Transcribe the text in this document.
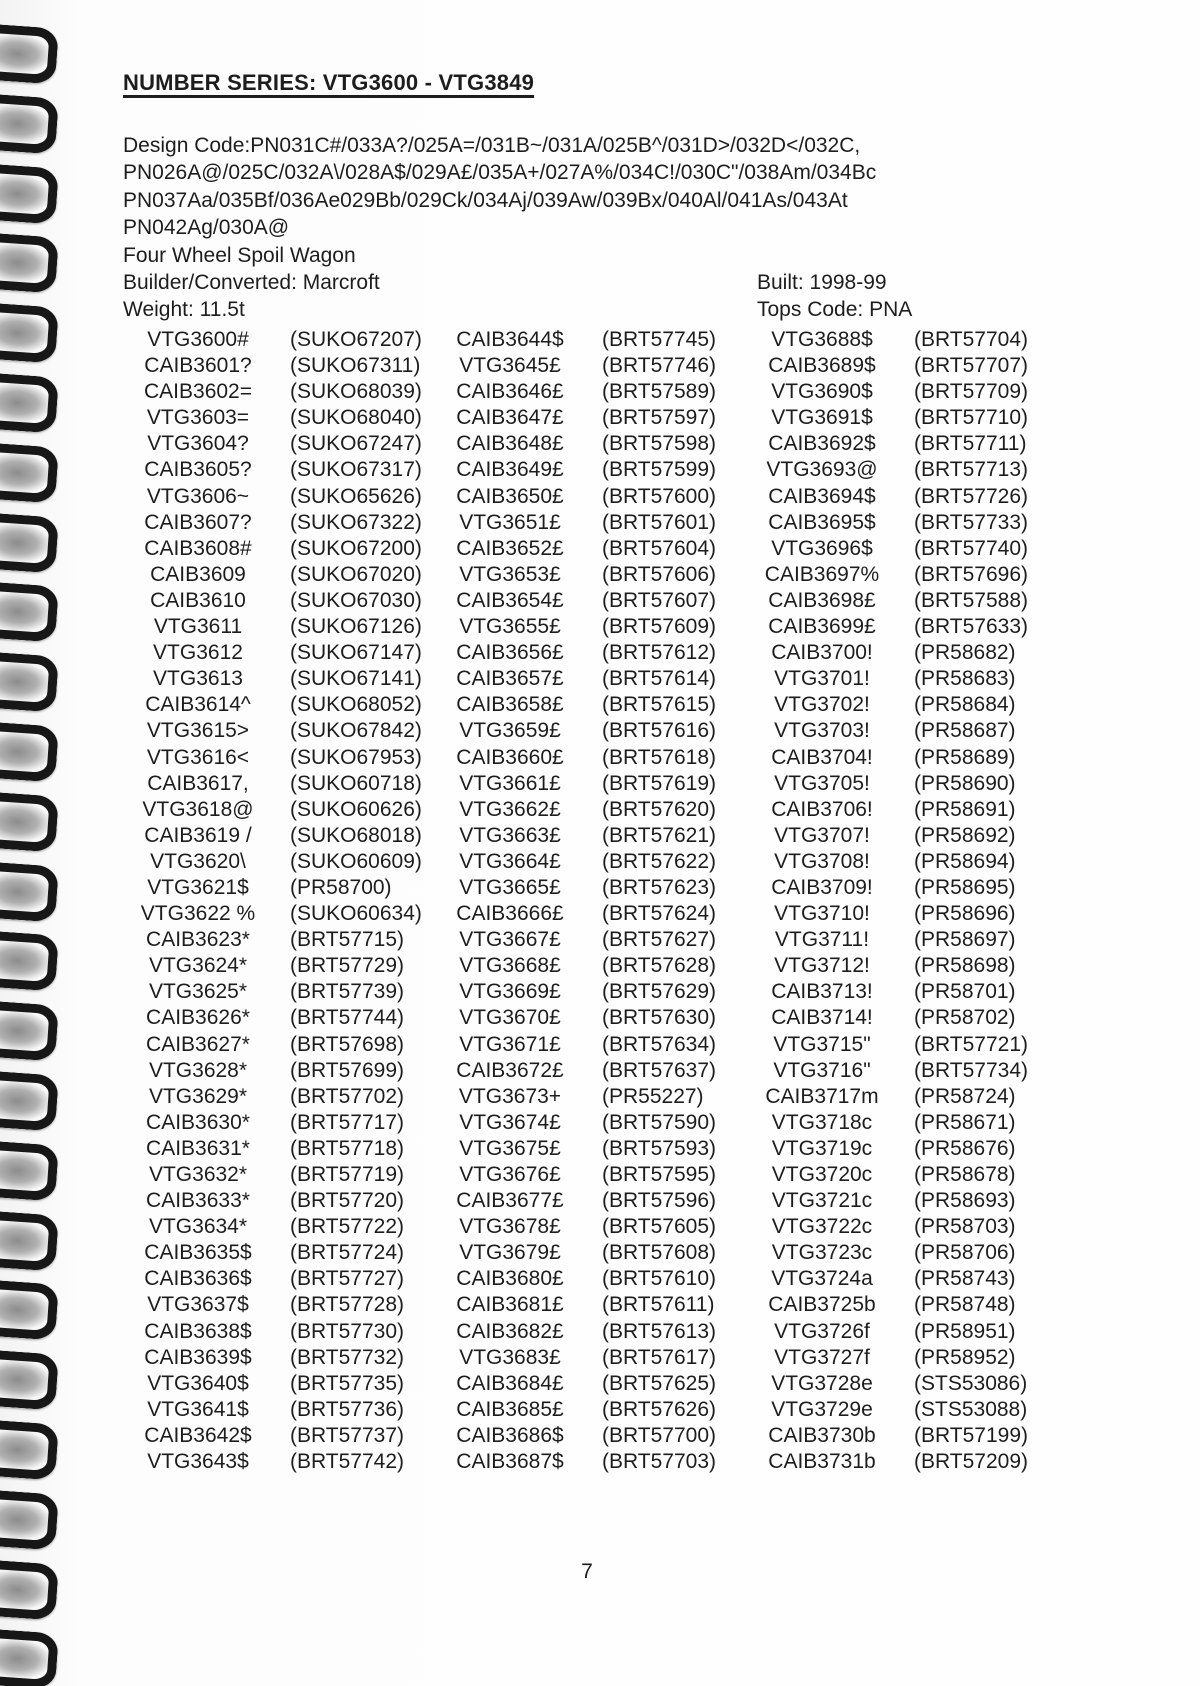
NUMBER SERIES: VTG3600 - VTG3849
Design Code:PN031C#/033A?/025A=/031B~/031A/025B^/031D>/032D</032C,
PN026A@/025C/032A\/028A$/029A£/035A+/027A%/034C!/030C"/038Am/034Bc
PN037Aa/035Bf/036Ae029Bb/029Ck/034Aj/039Aw/039Bx/040Al/041As/043At
PN042Ag/030A@
Four Wheel Spoil Wagon
Builder/Converted: Marcroft	Built: 1998-99
Weight: 11.5t	Tops Code: PNA
VTG3600#	(SUKO67207)
CAIB3601?	(SUKO67311)
CAIB3602=	(SUKO68039)
VTG3603=	(SUKO68040)
VTG3604?	(SUKO67247)
CAIB3605?	(SUKO67317)
VTG3606~	(SUKO65626)
CAIB3607?	(SUKO67322)
CAIB3608#	(SUKO67200)
CAIB3609	(SUKO67020)
CAIB3610	(SUKO67030)
VTG3611	(SUKO67126)
VTG3612	(SUKO67147)
VTG3613	(SUKO67141)
CAIB3614^	(SUKO68052)
VTG3615>	(SUKO67842)
VTG3616<	(SUKO67953)
CAIB3617,	(SUKO60718)
VTG3618@	(SUKO60626)
CAIB3619 /	(SUKO68018)
VTG3620\	(SUKO60609)
VTG3621$	(PR58700)
VTG3622 %	(SUKO60634)
CAIB3623*	(BRT57715)
VTG3624*	(BRT57729)
VTG3625*	(BRT57739)
CAIB3626*	(BRT57744)
CAIB3627*	(BRT57698)
VTG3628*	(BRT57699)
VTG3629*	(BRT57702)
CAIB3630*	(BRT57717)
CAIB3631*	(BRT57718)
VTG3632*	(BRT57719)
CAIB3633*	(BRT57720)
VTG3634*	(BRT57722)
CAIB3635$	(BRT57724)
CAIB3636$	(BRT57727)
VTG3637$	(BRT57728)
CAIB3638$	(BRT57730)
CAIB3639$	(BRT57732)
VTG3640$	(BRT57735)
VTG3641$	(BRT57736)
CAIB3642$	(BRT57737)
VTG3643$	(BRT57742)
CAIB3644$	(BRT57745)
VTG3645£	(BRT57746)
CAIB3646£	(BRT57589)
CAIB3647£	(BRT57597)
CAIB3648£	(BRT57598)
CAIB3649£	(BRT57599)
CAIB3650£	(BRT57600)
VTG3651£	(BRT57601)
CAIB3652£	(BRT57604)
VTG3653£	(BRT57606)
CAIB3654£	(BRT57607)
VTG3655£	(BRT57609)
CAIB3656£	(BRT57612)
CAIB3657£	(BRT57614)
CAIB3658£	(BRT57615)
VTG3659£	(BRT57616)
CAIB3660£	(BRT57618)
VTG3661£	(BRT57619)
VTG3662£	(BRT57620)
VTG3663£	(BRT57621)
VTG3664£	(BRT57622)
VTG3665£	(BRT57623)
CAIB3666£	(BRT57624)
VTG3667£	(BRT57627)
VTG3668£	(BRT57628)
VTG3669£	(BRT57629)
VTG3670£	(BRT57630)
VTG3671£	(BRT57634)
CAIB3672£	(BRT57637)
VTG3673+	(PR55227)
VTG3674£	(BRT57590)
VTG3675£	(BRT57593)
VTG3676£	(BRT57595)
CAIB3677£	(BRT57596)
VTG3678£	(BRT57605)
VTG3679£	(BRT57608)
CAIB3680£	(BRT57610)
CAIB3681£	(BRT57611)
CAIB3682£	(BRT57613)
VTG3683£	(BRT57617)
CAIB3684£	(BRT57625)
CAIB3685£	(BRT57626)
CAIB3686$	(BRT57700)
CAIB3687$	(BRT57703)
VTG3688$	(BRT57704)
CAIB3689$	(BRT57707)
VTG3690$	(BRT57709)
VTG3691$	(BRT57710)
CAIB3692$	(BRT57711)
VTG3693@	(BRT57713)
CAIB3694$	(BRT57726)
CAIB3695$	(BRT57733)
VTG3696$	(BRT57740)
CAIB3697%	(BRT57696)
CAIB3698£	(BRT57588)
CAIB3699£	(BRT57633)
CAIB3700!	(PR58682)
VTG3701!	(PR58683)
VTG3702!	(PR58684)
VTG3703!	(PR58687)
CAIB3704!	(PR58689)
VTG3705!	(PR58690)
CAIB3706!	(PR58691)
VTG3707!	(PR58692)
VTG3708!	(PR58694)
CAIB3709!	(PR58695)
VTG3710!	(PR58696)
VTG3711!	(PR58697)
VTG3712!	(PR58698)
CAIB3713!	(PR58701)
CAIB3714!	(PR58702)
VTG3715"	(BRT57721)
VTG3716"	(BRT57734)
CAIB3717m	(PR58724)
VTG3718c	(PR58671)
VTG3719c	(PR58676)
VTG3720c	(PR58678)
VTG3721c	(PR58693)
VTG3722c	(PR58703)
VTG3723c	(PR58706)
VTG3724a	(PR58743)
CAIB3725b	(PR58748)
VTG3726f	(PR58951)
VTG3727f	(PR58952)
VTG3728e	(STS53086)
VTG3729e	(STS53088)
CAIB3730b	(BRT57199)
CAIB3731b	(BRT57209)
7
